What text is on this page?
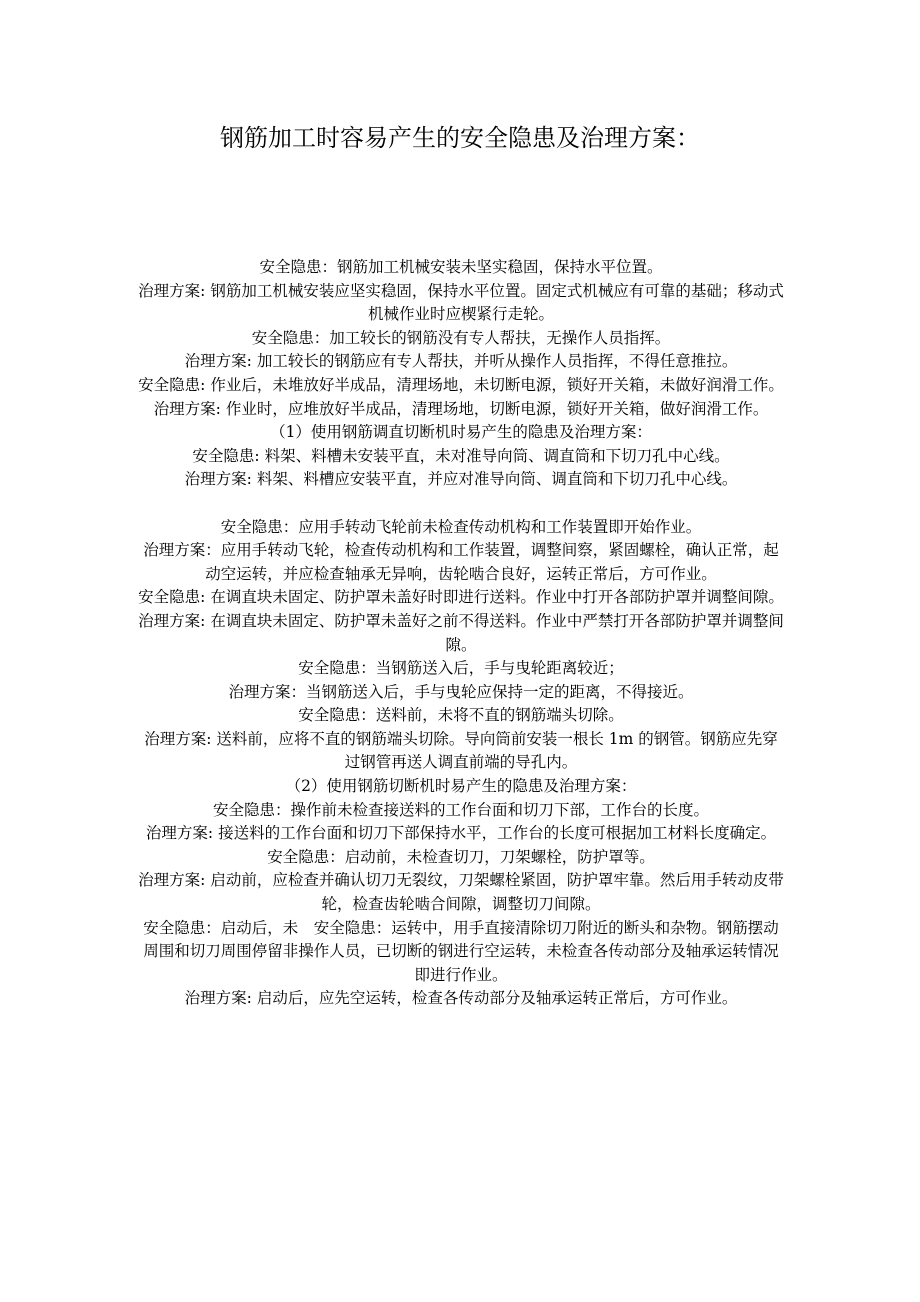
钢筋加工时容易产生的安全隐患及治理方案：

安全隐患：钢筋加工机械安装未坚实稳固，保持水平位置。

治理方案: 钢筋加工机械安装应坚实稳固，保持水平位置。固定式机械应有可靠的基础；移动式机械作业时应楔紧行走轮。

安全隐患：加工较长的钢筋没有专人帮扶，无操作人员指挥。

治理方案: 加工较长的钢筋应有专人帮扶，并听从操作人员指挥，不得任意推拉。

安全隐患: 作业后，未堆放好半成品，清理场地，未切断电源，锁好开关箱，未做好润滑工作。

治理方案: 作业时，应堆放好半成品，清理场地，切断电源，锁好开关箱，做好润滑工作。

（1）使用钢筋调直切断机时易产生的隐患及治理方案：

安全隐患: 料架、料槽未安装平直，未对准导向筒、调直筒和下切刀孔中心线。

治理方案: 料架、料槽应安装平直，并应对准导向筒、调直筒和下切刀孔中心线。

安全隐患：应用手转动飞轮前未检查传动机构和工作装置即开始作业。

治理方案：应用手转动飞轮，检查传动机构和工作装置，调整间察，紧固螺栓，确认正常，起动空运转，并应检查轴承无异响，齿轮啮合良好，运转正常后，方可作业。

安全隐患: 在调直块未固定、防护罩未盖好时即进行送料。作业中打开各部防护罩并调整间隙。

治理方案: 在调直块未固定、防护罩未盖好之前不得送料。作业中严禁打开各部防护罩并调整间隙。

安全隐患：当钢筋送入后，手与曳轮距离较近；

治理方案：当钢筋送入后，手与曳轮应保持一定的距离，不得接近。

安全隐患：送料前，未将不直的钢筋端头切除。

治理方案: 送料前，应将不直的钢筋端头切除。导向筒前安装一根长 1m 的钢管。钢筋应先穿过钢管再送人调直前端的导孔内。

（2）使用钢筋切断机时易产生的隐患及治理方案：

安全隐患：操作前未检查接送料的工作台面和切刀下部，工作台的长度。

治理方案: 接送料的工作台面和切刀下部保持水平，工作台的长度可根据加工材料长度确定。

安全隐患：启动前，未检查切刀，刀架螺栓，防护罩等。

治理方案: 启动前，应检查并确认切刀无裂纹，刀架螺栓紧固，防护罩牢靠。然后用手转动皮带轮，检查齿轮啮合间隙，调整切刀间隙。

安全隐患：启动后，未　安全隐患：运转中，用手直接清除切刀附近的断头和杂物。钢筋摆动周围和切刀周围停留非操作人员，已切断的钢进行空运转，未检查各传动部分及轴承运转情况即进行作业。

治理方案: 启动后，应先空运转，检查各传动部分及轴承运转正常后，方可作业。
